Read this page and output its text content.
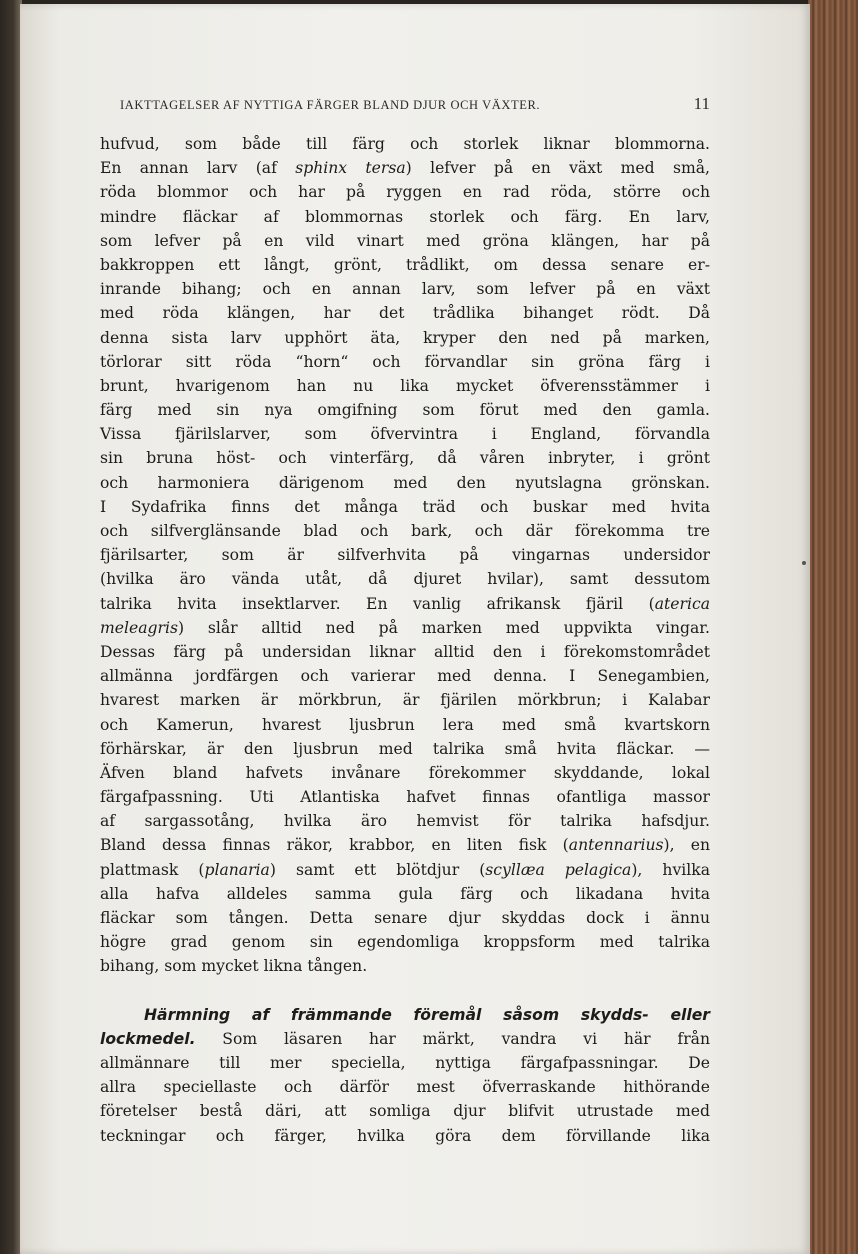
IAKTTAGELSER AF NYTTIGA FÄRGER BLAND DJUR OCH VÄXTER.	11
hufvud, som både till färg och storlek liknar blommorna.
En annan larv (af sphinx tersa) lefver på en växt med små,
röda blommor och har på ryggen en rad röda, större och
mindre fläckar af blommornas storlek och färg. En larv,
som lefver på en vild vinart med gröna klängen, har på
bakkroppen ett långt, grönt, trådlikt, om dessa senare er-
inrande bihang; och en annan larv, som lefver på en växt
med röda klängen, har det trådlika bihanget rödt. Då
denna sista larv upphört äta, kryper den ned på marken,
törlorar sitt röda “horn“ och förvandlar sin gröna färg i
brunt, hvarigenom han nu lika mycket öfverensstämmer i
färg med sin nya omgifning som förut med den gamla.
Vissa fjärilslarver, som öfvervintra i England, förvandla
sin bruna höst- och vinterfärg, då våren inbryter, i grönt
och harmoniera därigenom med den nyutslagna grönskan.
I Sydafrika finns det många träd och buskar med hvita
och silfverglänsande blad och bark, och där förekomma tre
fjärilsarter, som är silfverhvita på vingarnas undersidor
(hvilka äro vända utåt, då djuret hvilar), samt dessutom
talrika hvita insektlarver. En vanlig afrikansk fjäril (aterica
meleagris) slår alltid ned på marken med uppvikta vingar.
Dessas färg på undersidan liknar alltid den i förekomstområdet
allmänna jordfärgen och varierar med denna. I Senegambien,
hvarest marken är mörkbrun, är fjärilen mörkbrun; i Kalabar
och Kamerun, hvarest ljusbrun lera med små kvartskorn
förhärskar, är den ljusbrun med talrika små hvita fläckar. —
Äfven bland hafvets invånare förekommer skyddande, lokal
färgafpassning. Uti Atlantiska hafvet finnas ofantliga massor
af sargassotång, hvilka äro hemvist för talrika hafsdjur.
Bland dessa finnas räkor, krabbor, en liten fisk (antennarius), en
plattmask (planaria) samt ett blötdjur (scyllæa pelagica), hvilka
alla hafva alldeles samma gula färg och likadana hvita
fläckar som tången. Detta senare djur skyddas dock i ännu
högre grad genom sin egendomliga kroppsform med talrika
bihang, som mycket likna tången.
Härmning af främmande föremål såsom skydds- eller
lockmedel. Som läsaren har märkt, vandra vi här från
allmännare till mer speciella, nyttiga färgafpassningar. De
allra speciellaste och därför mest öfverraskande hithörande
företelser bestå däri, att somliga djur blifvit utrustade med
teckningar och färger, hvilka göra dem förvillande lika
